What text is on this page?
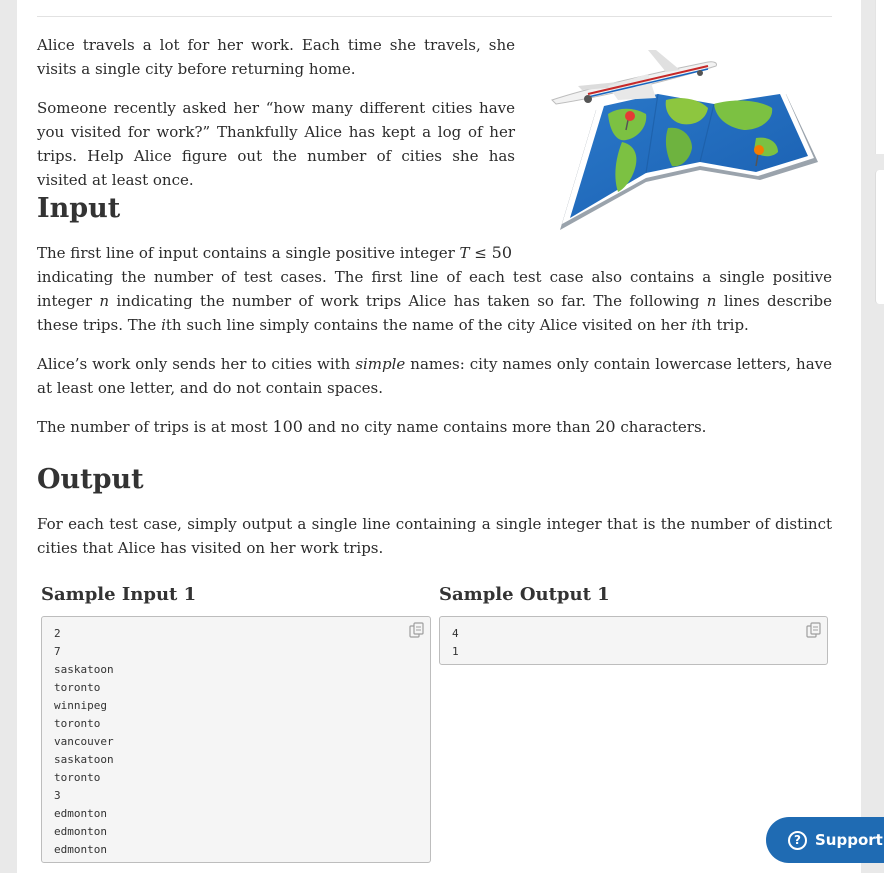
Alice travels a lot for her work. Each time she travels, she visits a single city before returning home.

Someone recently asked her “how many different cities have you visited for work?” Thankfully Alice has kept a log of her trips. Help Alice figure out the number of cities she has visited at least once.

Input

The first line of input contains a single positive integer T ≤ 50 indicating the number of test cases. The first line of each test case also contains a single positive integer n indicating the number of work trips Alice has taken so far. The following n lines describe these trips. The ith such line simply contains the name of the city Alice visited on her ith trip.

Alice’s work only sends her to cities with simple names: city names only contain lowercase letters, have at least one letter, and do not contain spaces.

The number of trips is at most 100 and no city name contains more than 20 characters.

Output

For each test case, simply output a single line containing a single integer that is the number of distinct cities that Alice has visited on her work trips.

Sample Input 1	Sample Output 1
2
7
saskatoon
toronto
winnipeg
toronto
vancouver
saskatoon
toronto
3
edmonton
edmonton
edmonton
4
1
? Support
